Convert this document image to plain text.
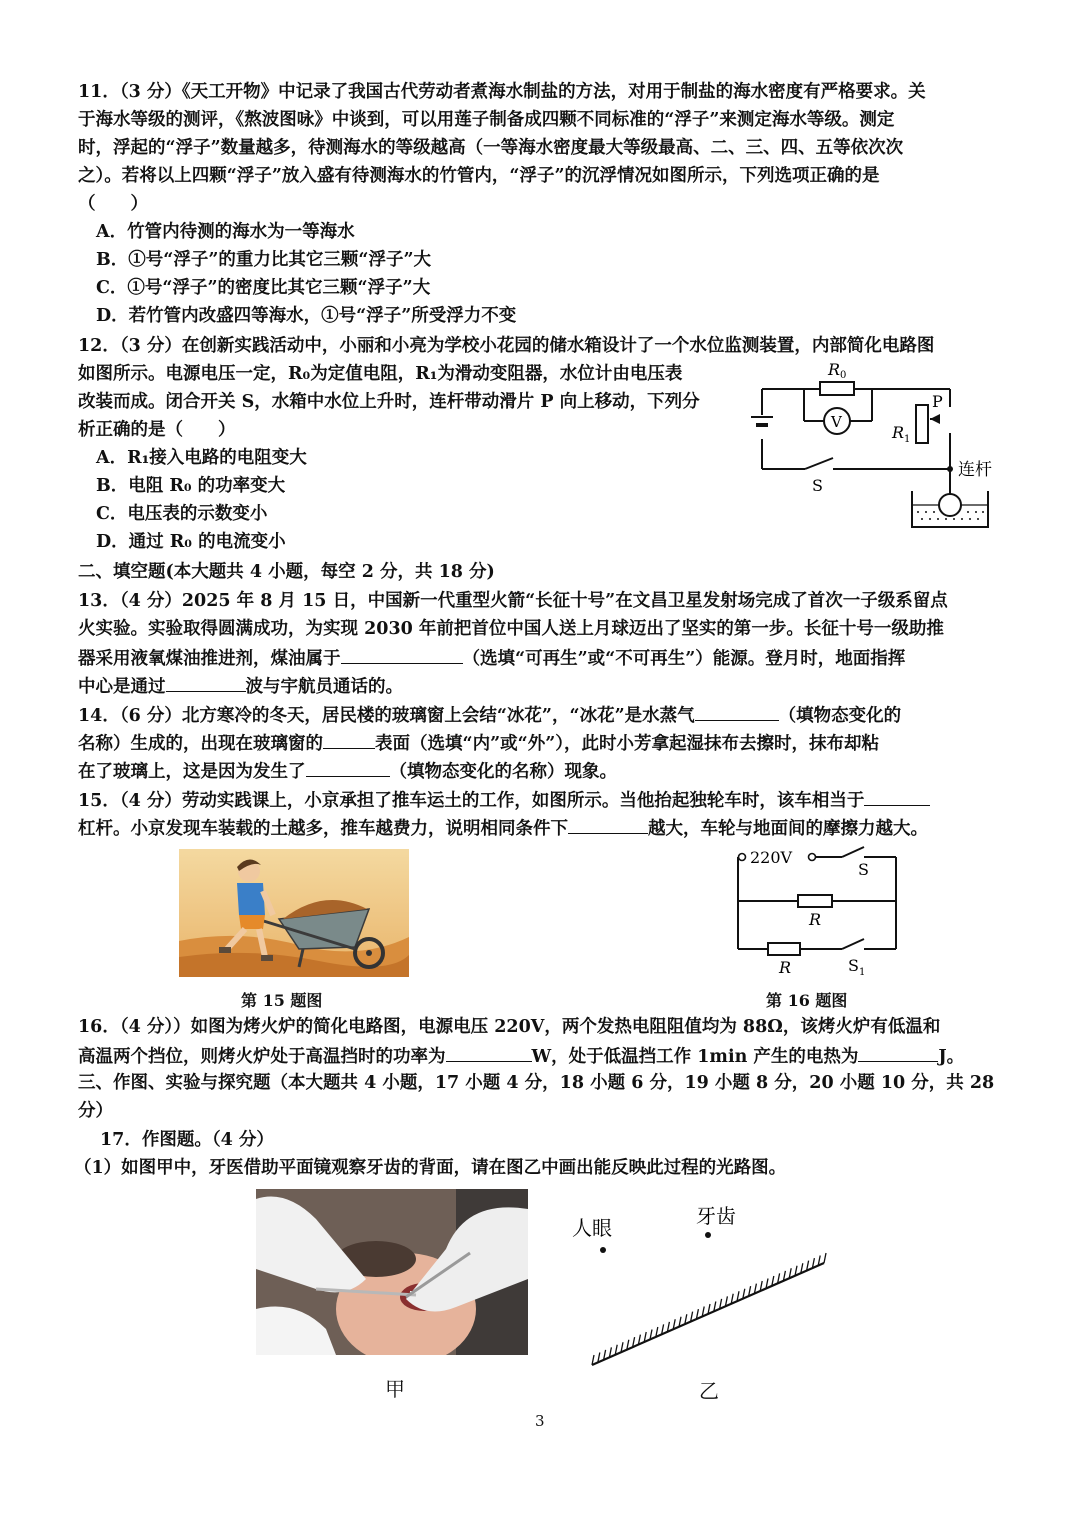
11．（3 分）《天工开物》中记录了我国古代劳动者煮海水制盐的方法，对用于制盐的海水密度有严格要求。关
于海水等级的测评，《熬波图咏》中谈到，可以用莲子制备成四颗不同标准的“浮子”来测定海水等级。测定
时，浮起的“浮子”数量越多，待测海水的等级越高（一等海水密度最大等级最高、二、三、四、五等依次次
之）。若将以上四颗“浮子”放入盛有待测海水的竹管内，“浮子”的沉浮情况如图所示，下列选项正确的是
（　　）
A．竹管内待测的海水为一等海水
B．①号“浮子”的重力比其它三颗“浮子”大
C．①号“浮子”的密度比其它三颗“浮子”大
D．若竹管内改盛四等海水，①号“浮子”所受浮力不变
12．（3 分）在创新实践活动中，小丽和小亮为学校小花园的储水箱设计了一个水位监测装置，内部简化电路图
如图所示。电源电压一定，R₀为定值电阻，R₁为滑动变阻器，水位计由电压表
改装而成。闭合开关 S，水箱中水位上升时，连杆带动滑片 P 向上移动，下列分
析正确的是（　　）
A．R₁接入电路的电阻变大
B．电阻 R₀ 的功率变大
C．电压表的示数变小
D．通过 R₀ 的电流变小
R 0
V
R 1
P
S
连杆
二、填空题(本大题共 4 小题，每空 2 分，共 18 分)
13．（4 分）2025 年 8 月 15 日，中国新一代重型火箭“长征十号”在文昌卫星发射场完成了首次一子级系留点
火实验。实验取得圆满成功，为实现 2030 年前把首位中国人送上月球迈出了坚实的第一步。长征十号一级助推
器采用液氧煤油推进剂，煤油属于	（选填“可再生”或“不可再生”）能源。登月时，地面指挥
中心是通过	波与宇航员通话的。
14．（6 分）北方寒冷的冬天，居民楼的玻璃窗上会结“冰花”，“冰花”是水蒸气	（填物态变化的
名称）生成的，出现在玻璃窗的	表面（选填“内”或“外”），此时小芳拿起湿抹布去擦时，抹布却粘
在了玻璃上，这是因为发生了	（填物态变化的名称）现象。
15．（4 分）劳动实践课上，小京承担了推车运土的工作，如图所示。当他抬起独轮车时，该车相当于
杠杆。小京发现车装载的土越多，推车越费力，说明相同条件下	越大，车轮与地面间的摩擦力越大。
第 15 题图
220V
S
R
R	S 1
第 16 题图
16．（4 分））如图为烤火炉的简化电路图，电源电压 220V，两个发热电阻阻值均为 88Ω，该烤火炉有低温和
高温两个挡位，则烤火炉处于高温挡时的功率为	W，处于低温挡工作 1min 产生的电热为	J。
三、作图、实验与探究题（本大题共 4 小题，17 小题 4 分，18 小题 6 分，19 小题 8 分，20 小题 10 分，共 28
分）
17．作图题。（4 分）
（1）如图甲中，牙医借助平面镜观察牙齿的背面，请在图乙中画出能反映此过程的光路图。
人眼	牙齿
甲	乙
3
